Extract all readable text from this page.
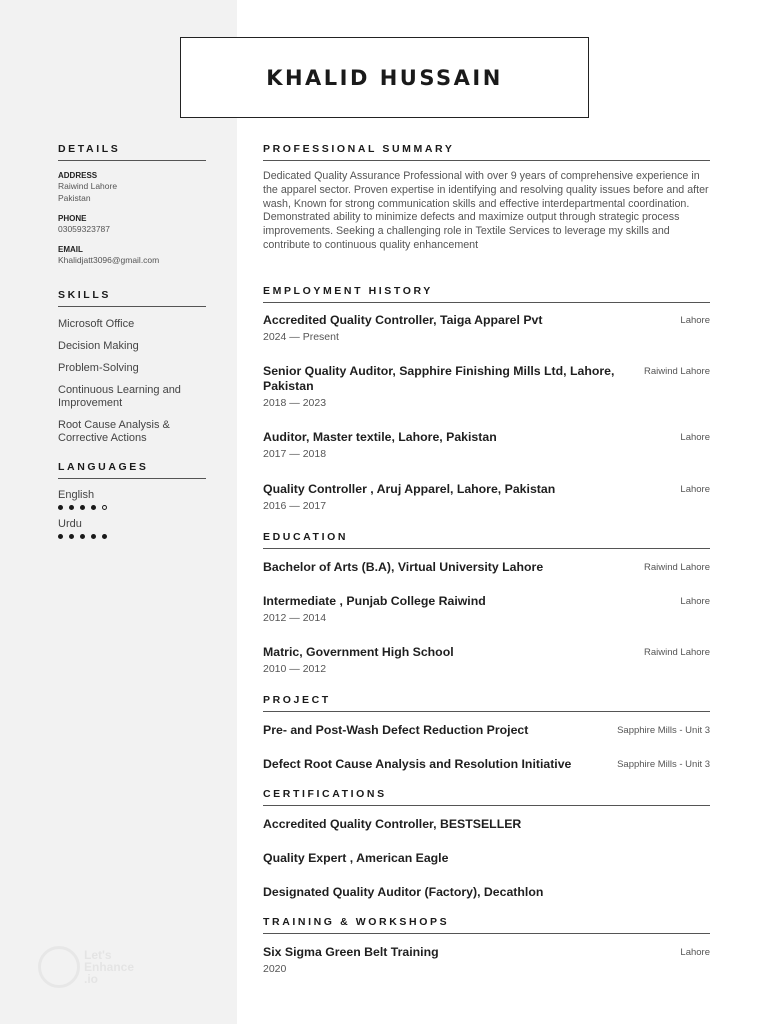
KHALID HUSSAIN
DETAILS
ADDRESS
Raiwind Lahore
Pakistan
PHONE
03059323787
EMAIL
Khalidjatt3096@gmail.com
SKILLS
Microsoft Office
Decision Making
Problem-Solving
Continuous Learning and Improvement
Root Cause Analysis & Corrective Actions
LANGUAGES
English
Urdu
PROFESSIONAL SUMMARY
Dedicated Quality Assurance Professional with over 9 years of comprehensive experience in the apparel sector. Proven expertise in identifying and resolving quality issues before and after wash, Known for strong communication skills and effective interdepartmental coordination. Demonstrated ability to minimize defects and maximize output through strategic process improvements. Seeking a challenging role in Textile Services to leverage my skills and contribute to continuous quality enhancement
EMPLOYMENT HISTORY
Accredited Quality Controller, Taiga Apparel Pvt	Lahore
2024 — Present
Senior Quality Auditor, Sapphire Finishing Mills Ltd, Lahore, Pakistan
Raiwind Lahore
2018 — 2023
Auditor, Master textile, Lahore, Pakistan	Lahore
2017 — 2018
Quality Controller , Aruj Apparel, Lahore, Pakistan	Lahore
2016 — 2017
EDUCATION
Bachelor of Arts (B.A), Virtual University Lahore	Raiwind Lahore
Intermediate , Punjab College Raiwind	Lahore
2012 — 2014
Matric, Government High School	Raiwind Lahore
2010 — 2012
PROJECT
Pre- and Post-Wash Defect Reduction Project	Sapphire Mills - Unit 3
Defect Root Cause Analysis and Resolution Initiative	Sapphire Mills - Unit 3
CERTIFICATIONS
Accredited Quality Controller, BESTSELLER
Quality Expert , American Eagle
Designated Quality Auditor (Factory), Decathlon
TRAINING & WORKSHOPS
Six Sigma Green Belt Training	Lahore
2020
Let's
Enhance
.io
